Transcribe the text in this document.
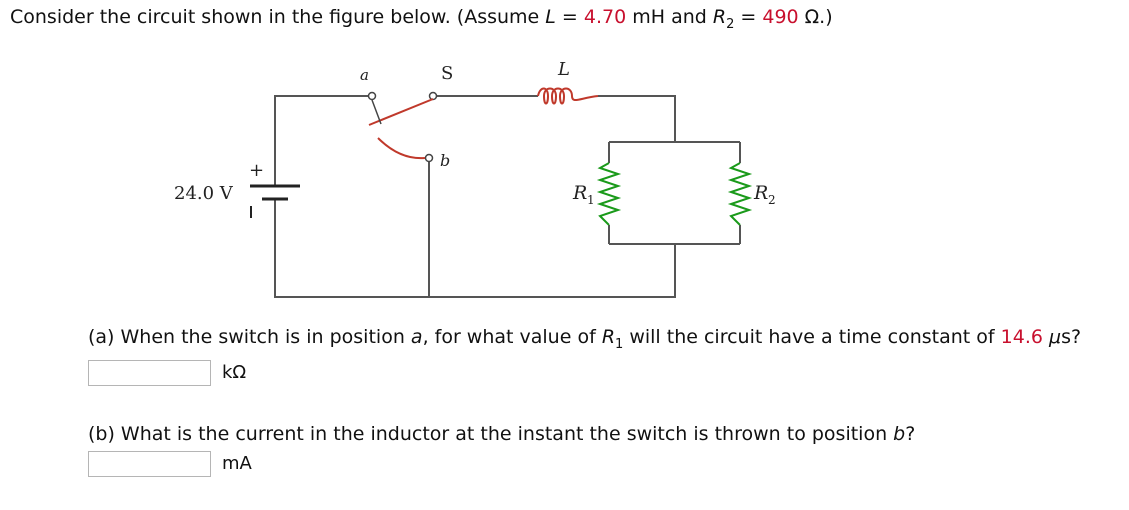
Consider the circuit shown in the figure below. (Assume L = 4.70 mH and $R_2 = 490$ Ω.)
a	S	L
b
+
24.0 V	R 1	R 2
(a) When the switch is in position a, for what value of $R_1$ will the circuit have a time constant of 14.6 μs?
kΩ
(b) What is the current in the inductor at the instant the switch is thrown to position b?
mA
